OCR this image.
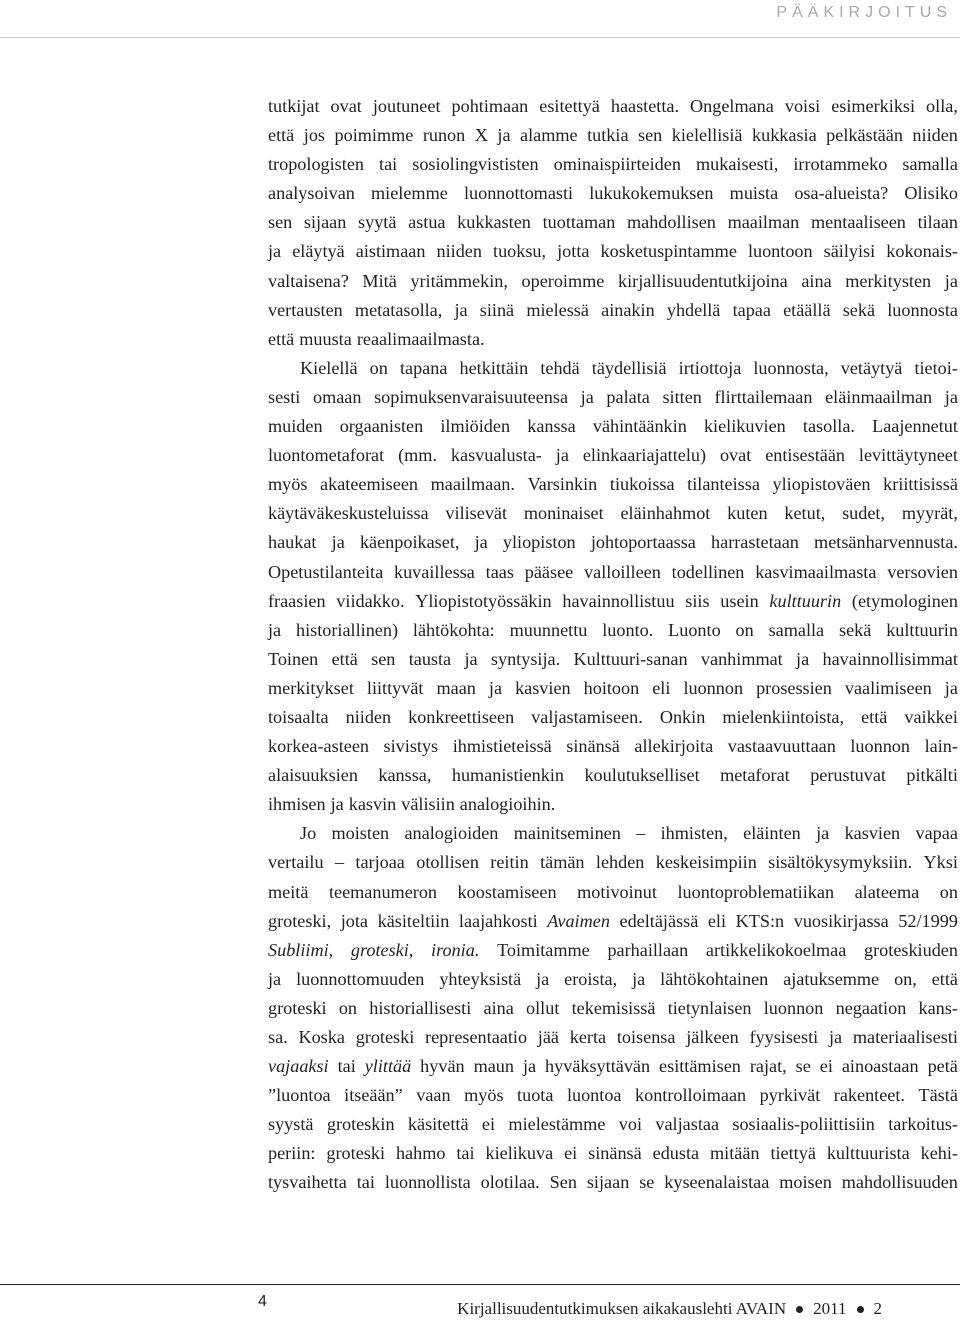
PÄÄKIRJOITUS
tutkijat ovat joutuneet pohtimaan esitettyä haastetta. Ongelmana voisi esimerkiksi olla,
että jos poimimme runon X ja alamme tutkia sen kielellisiä kukkasia pelkästään niiden
tropologisten tai sosiolingvististen ominaispiirteiden mukaisesti, irrotammeko samalla
analysoivan mielemme luonnottomasti lukukokemuksen muista osa-alueista? Olisiko
sen sijaan syytä astua kukkasten tuottaman mahdollisen maailman mentaaliseen tilaan
ja eläytyä aistimaan niiden tuoksu, jotta kosketuspintamme luontoon säilyisi kokonais-
valtaisena? Mitä yritämmekin, operoimme kirjallisuudentutkijoina aina merkitysten ja
vertausten metatasolla, ja siinä mielessä ainakin yhdellä tapaa etäällä sekä luonnosta
että muusta reaalimaailmasta.
Kielellä on tapana hetkittäin tehdä täydellisiä irtiottoja luonnosta, vetäytyä tietoi-
sesti omaan sopimuksenvaraisuuteensa ja palata sitten flirttailemaan eläinmaailman ja
muiden orgaanisten ilmiöiden kanssa vähintäänkin kielikuvien tasolla. Laajennetut
luontometaforat (mm. kasvualusta- ja elinkaariajattelu) ovat entisestään levittäytyneet
myös akateemiseen maailmaan. Varsinkin tiukoissa tilanteissa yliopistoväen kriittisissä
käytäväkeskusteluissa vilisevät moninaiset eläinhahmot kuten ketut, sudet, myyrät,
haukat ja käenpoikaset, ja yliopiston johtoportaassa harrastetaan metsänharvennusta.
Opetustilanteita kuvaillessa taas pääsee valloilleen todellinen kasvimaailmasta versovien
fraasien viidakko. Yliopistotyössäkin havainnollistuu siis usein kulttuurin (etymologinen
ja historiallinen) lähtökohta: muunnettu luonto. Luonto on samalla sekä kulttuurin
Toinen että sen tausta ja syntysija. Kulttuuri-sanan vanhimmat ja havainnollisimmat
merkitykset liittyvät maan ja kasvien hoitoon eli luonnon prosessien vaalimiseen ja
toisaalta niiden konkreettiseen valjastamiseen. Onkin mielenkiintoista, että vaikkei
korkea-asteen sivistys ihmistieteissä sinänsä allekirjoita vastaavuuttaan luonnon lain-
alaisuuksien kanssa, humanistienkin koulutukselliset metaforat perustuvat pitkälti
ihmisen ja kasvin välisiin analogioihin.
Jo moisten analogioiden mainitseminen – ihmisten, eläinten ja kasvien vapaa
vertailu – tarjoaa otollisen reitin tämän lehden keskeisimpiin sisältökysymyksiin. Yksi
meitä teemanumeron koostamiseen motivoinut luontoproblematiikan alateema on
groteski, jota käsiteltiin laajahkosti Avaimen edeltäjässä eli KTS:n vuosikirjassa 52/1999
Subliimi, groteski, ironia. Toimitamme parhaillaan artikkelikokoelmaa groteskiuden
ja luonnottomuuden yhteyksistä ja eroista, ja lähtökohtainen ajatuksemme on, että
groteski on historiallisesti aina ollut tekemisissä tietynlaisen luonnon negaation kans-
sa. Koska groteski representaatio jää kerta toisensa jälkeen fyysisesti ja materiaalisesti
vajaaksi tai ylittää hyvän maun ja hyväksyttävän esittämisen rajat, se ei ainoastaan petä
”luontoa itseään” vaan myös tuota luontoa kontrolloimaan pyrkivät rakenteet. Tästä
syystä groteskin käsitettä ei mielestämme voi valjastaa sosiaalis-poliittisiin tarkoitus-
periin: groteski hahmo tai kielikuva ei sinänsä edusta mitään tiettyä kulttuurista kehi-
tysvaihetta tai luonnollista olotilaa. Sen sijaan se kyseenalaistaa moisen mahdollisuuden
4	Kirjallisuudentutkimuksen aikakauslehti AVAIN 2011 2
